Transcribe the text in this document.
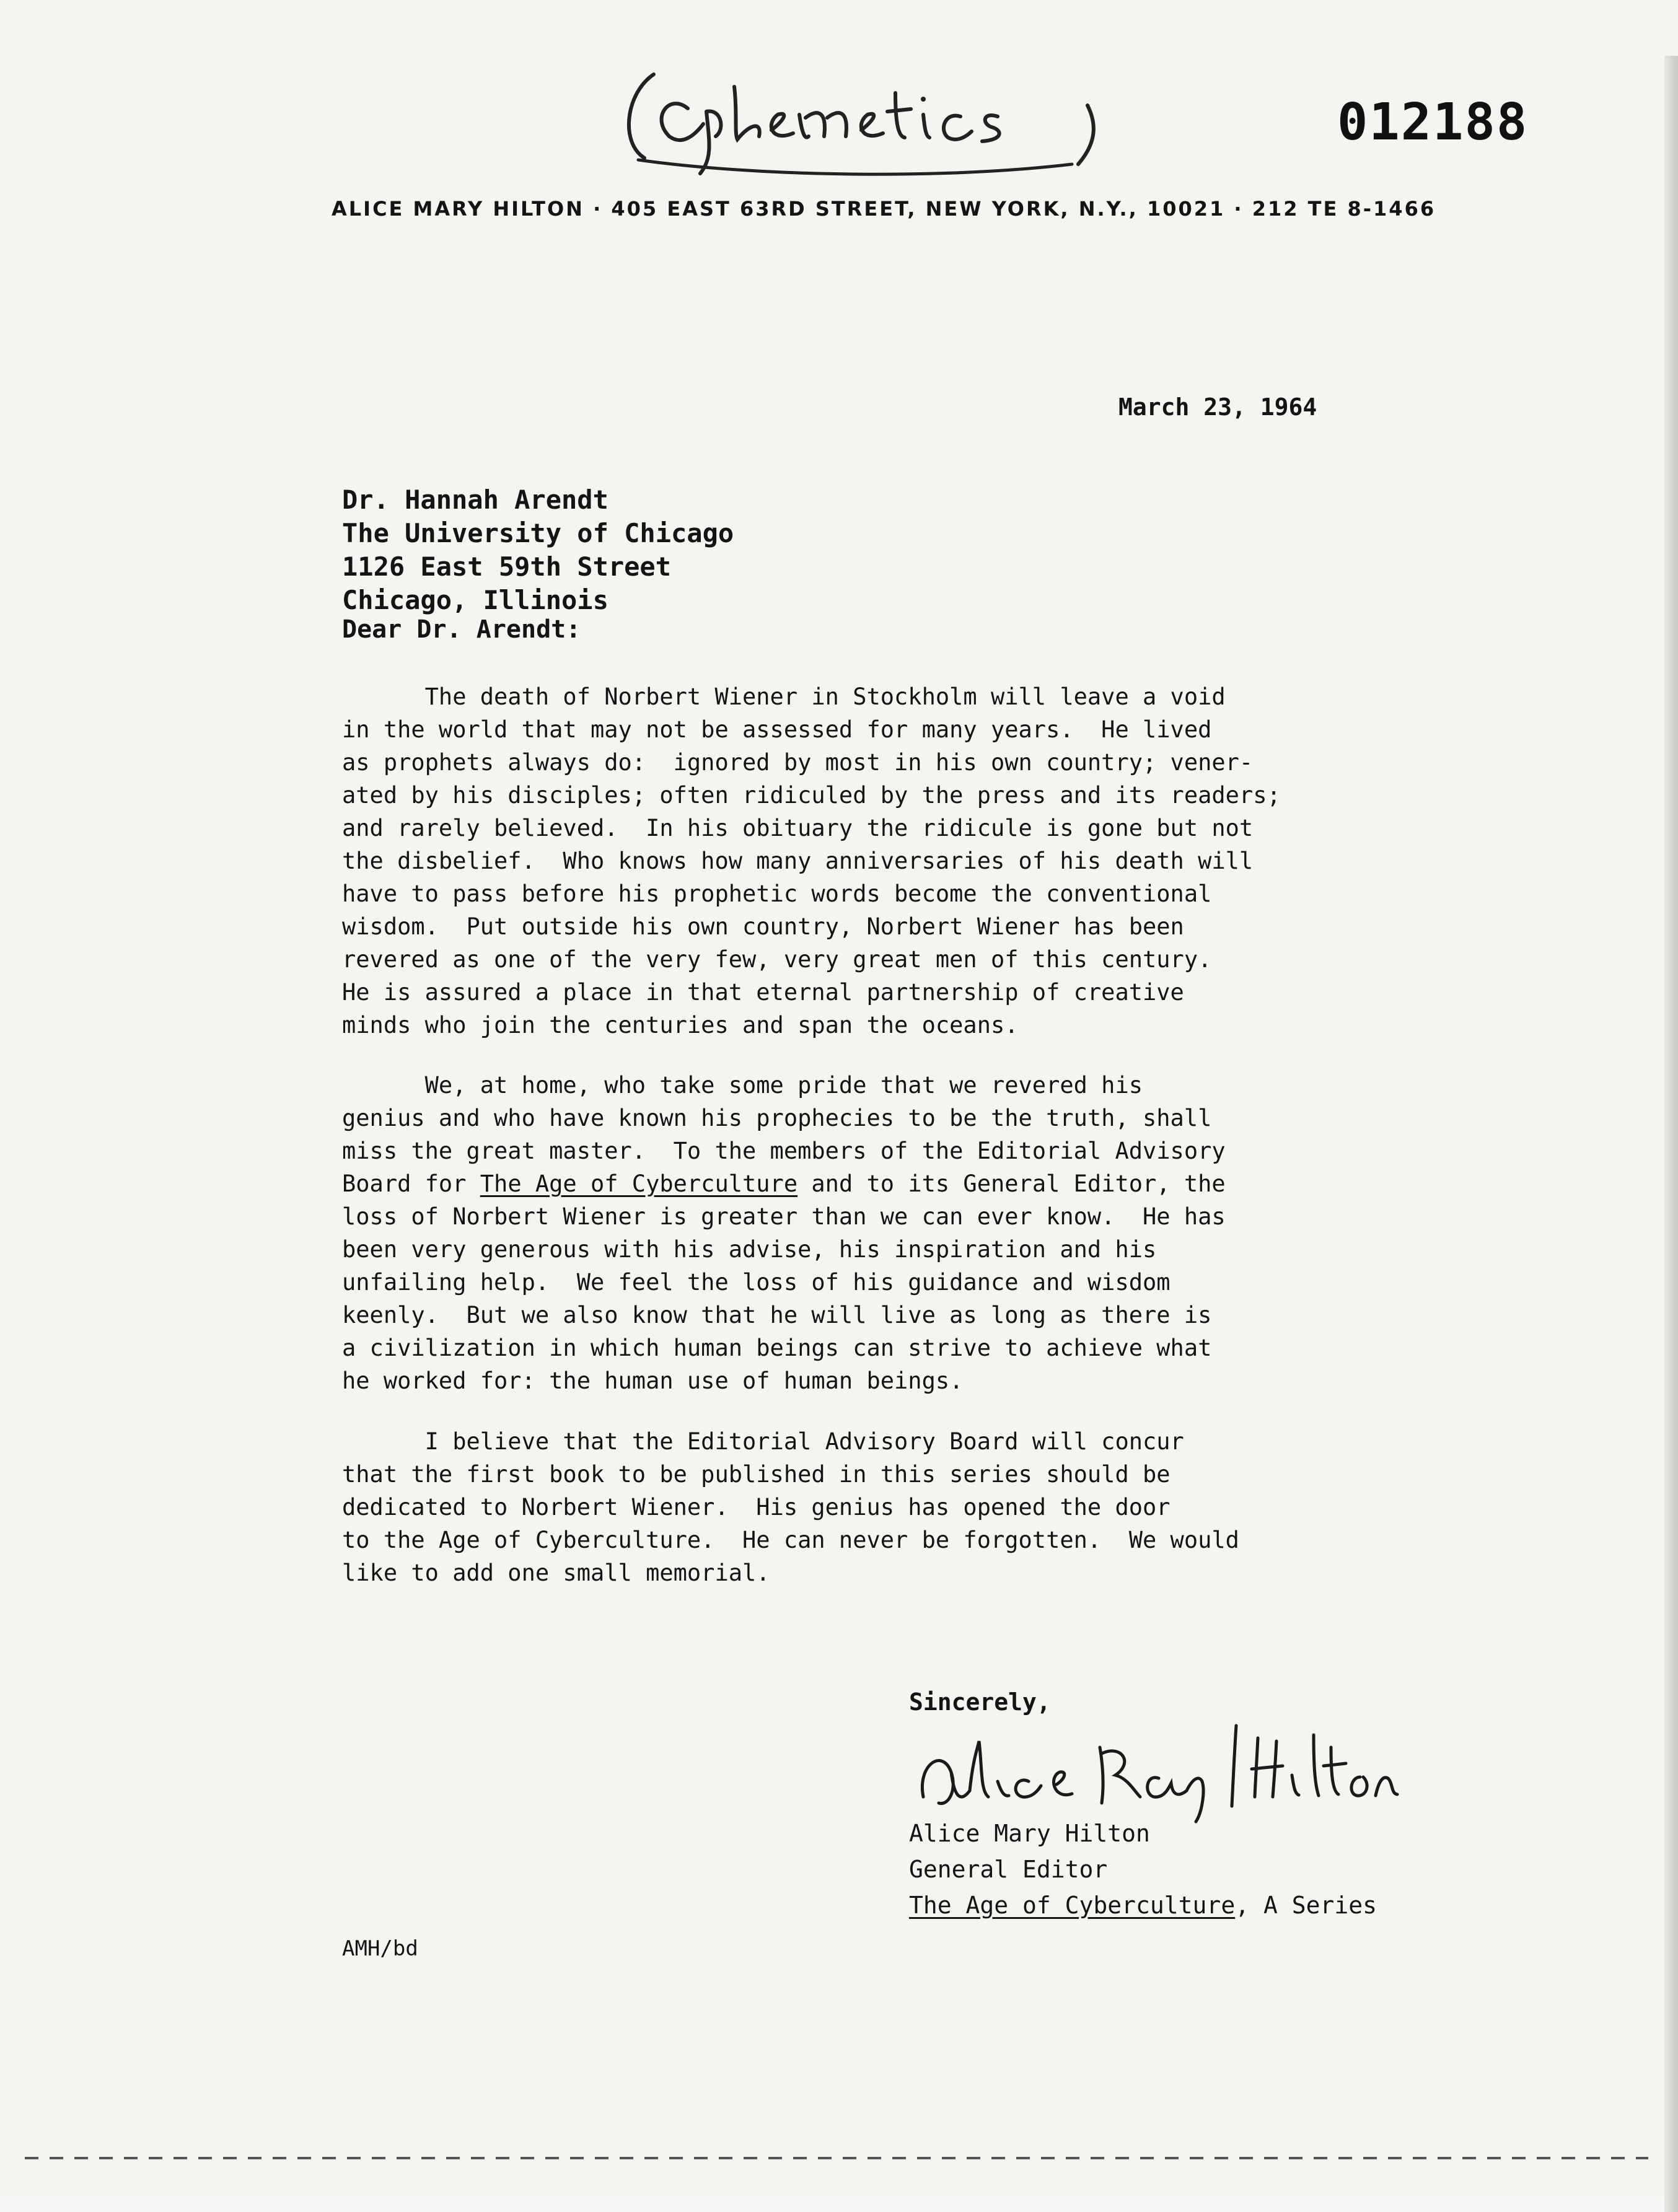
012188
ALICE MARY HILTON · 405 EAST 63RD STREET, NEW YORK, N.Y., 10021 · 212 TE 8-1466
March 23, 1964
Dr. Hannah Arendt
The University of Chicago
1126 East 59th Street
Chicago, Illinois
Dear Dr. Arendt:
The death of Norbert Wiener in Stockholm will leave a void
in the world that may not be assessed for many years.  He lived
as prophets always do:  ignored by most in his own country; vener-
ated by his disciples; often ridiculed by the press and its readers;
and rarely believed.  In his obituary the ridicule is gone but not
the disbelief.  Who knows how many anniversaries of his death will
have to pass before his prophetic words become the conventional
wisdom.  Put outside his own country, Norbert Wiener has been
revered as one of the very few, very great men of this century.
He is assured a place in that eternal partnership of creative
minds who join the centuries and span the oceans.
We, at home, who take some pride that we revered his
genius and who have known his prophecies to be the truth, shall
miss the great master.  To the members of the Editorial Advisory
Board for The Age of Cyberculture and to its General Editor, the
loss of Norbert Wiener is greater than we can ever know.  He has
been very generous with his advise, his inspiration and his
unfailing help.  We feel the loss of his guidance and wisdom
keenly.  But we also know that he will live as long as there is
a civilization in which human beings can strive to achieve what
he worked for: the human use of human beings.
I believe that the Editorial Advisory Board will concur
that the first book to be published in this series should be
dedicated to Norbert Wiener.  His genius has opened the door
to the Age of Cyberculture.  He can never be forgotten.  We would
like to add one small memorial.
Sincerely,
Alice Mary Hilton
General Editor
The Age of Cyberculture, A Series
AMH/bd
